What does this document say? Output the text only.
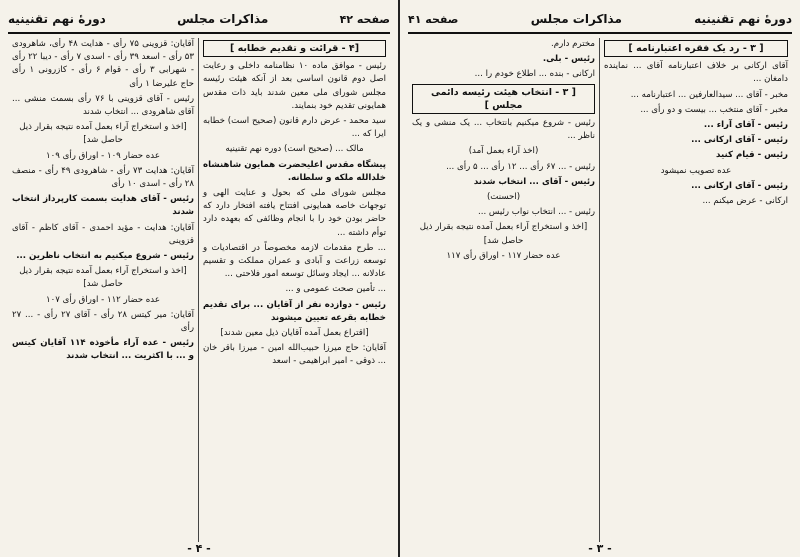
صفحه ۴۲
مذاکرات مجلس
دورهٔ نهم تقنینیه
[۴ - قرائت و تقدیم خطابه ]
رئیس - موافق ماده ۱۰ نظامنامه داخلی و رعایت اصل دوم قانون اساسی بعد از آنکه هیئت رئیسه مجلس شورای ملی معین شدند باید ذات مقدس همایونی تقدیم خود بنمایند.
سید محمد - عرض دارم قانون (صحیح است) خطابه ایرا که ...
مالک ... (صحیح است) دوره نهم تقنینیه
پیشگاه مقدس اعلیحضرت همایون شاهنشاه خلدالله ملکه و سلطانه.
مجلس شورای ملی که بحول و عنایت الهی و توجهات خاصه همایونی افتتاح یافته افتخار دارد که حاضر بودن خود را با انجام وظائفی که بعهده دارد توأم داشته ...
... طرح مقدمات لازمه مخصوصاً در اقتصادیات و توسعه زراعت و آبادی و عمران مملکت و تقسیم عادلانه ... ایجاد وسائل توسعه امور فلاحتی ...
... تأمین صحت عمومی و ...
رئیس - دوازده نفر از آقایان ... برای تقدیم خطابه بقرعه تعیین میشوند
[اقتراع بعمل آمده آقایان ذیل معین شدند]
آقایان: حاج میرزا حبیب‌الله امین - میرزا باقر خان ... ذوقی - امیر ابراهیمی - اسعد
آقایان: قزوینی ۷۵ رأی - هدایت ۴۸ رأی، شاهرودی ۵۳ رأی - اسعد ۳۹ رأی - اسدی ۷ رأی - دیبا ۲۲ رأی - شهرابی ۳ رأی - قوام ۶ رأی - کازرونی ۱ رأی حاج علیرضا ۱ رأی
رئیس - آقای قزوینی با ۷۶ رأی بسمت منشی ... آقای شاهرودی ... انتخاب شدند
[اخذ و استخراج آراء بعمل آمده نتیجه بقرار ذیل حاصل شد]
عده حضار ۱۰۹ - اوراق رأی ۱۰۹
آقایان: هدایت ۷۳ رأی - شاهرودی ۴۹ رأی - منصف ۲۸ رأی - اسدی ۱۰ رأی
رئیس - آقای هدایت بسمت کارپرداز انتخاب شدند
آقایان: هدایت - مؤید احمدی - آقای کاظم - آقای قزوینی
رئیس - شروع میکنیم به انتخاب ناظرین ...
[اخذ و استخراج آراء بعمل آمده نتیجه بقرار ذیل حاصل شد]
عده حضار ۱۱۲ - اوراق رأی ۱۰۷
آقایان: میر کیتس ۲۸ رأی - آقای ۲۷ رأی - ... ۲۷ رأی
رئیس - عده آراء مأخوذه ۱۱۴ آقایان کیتس و ... با اکثریت ... انتخاب شدند
- ۴ -
دورهٔ نهم تقنینیه
مذاکرات مجلس
صفحه ۴۱
[ ۳ - رد یک فقره اعتبارنامه ]
آقای ارکانی بر خلاف اعتبارنامه آقای ... نماینده دامغان ...
مخبر - آقای ... سیدالعارفین ... اعتبارنامه ...
مخبر - آقای منتخب ... بیست و دو رأی ...
رئیس - آقای آراء ...
رئیس - آقای ارکانی ...
رئیس - قیام کنید
عده تصویب نمیشود
رئیس - آقای ارکانی ...
ارکانی - عرض میکنم ...
مخترم دارم.
رئیس - بلی.
ارکانی - بنده ... اطلاع خودم را ...
[ ۳ - انتخاب هیئت رئیسه دائمی مجلس ]
رئیس - شروع میکنیم بانتخاب ... یک منشی و یک ناظر ...
(اخذ آراء بعمل آمد)
رئیس - ... ۶۷ رأی ... ۱۲ رأی ... ۵ رأی ...
رئیس - آقای ... انتخاب شدند
(احسنت)
رئیس - ... انتخاب نواب رئیس ...
[اخذ و استخراج آراء بعمل آمده نتیجه بقرار ذیل حاصل شد]
عده حضار ۱۱۷ - اوراق رأی ۱۱۷
- ۳ -
